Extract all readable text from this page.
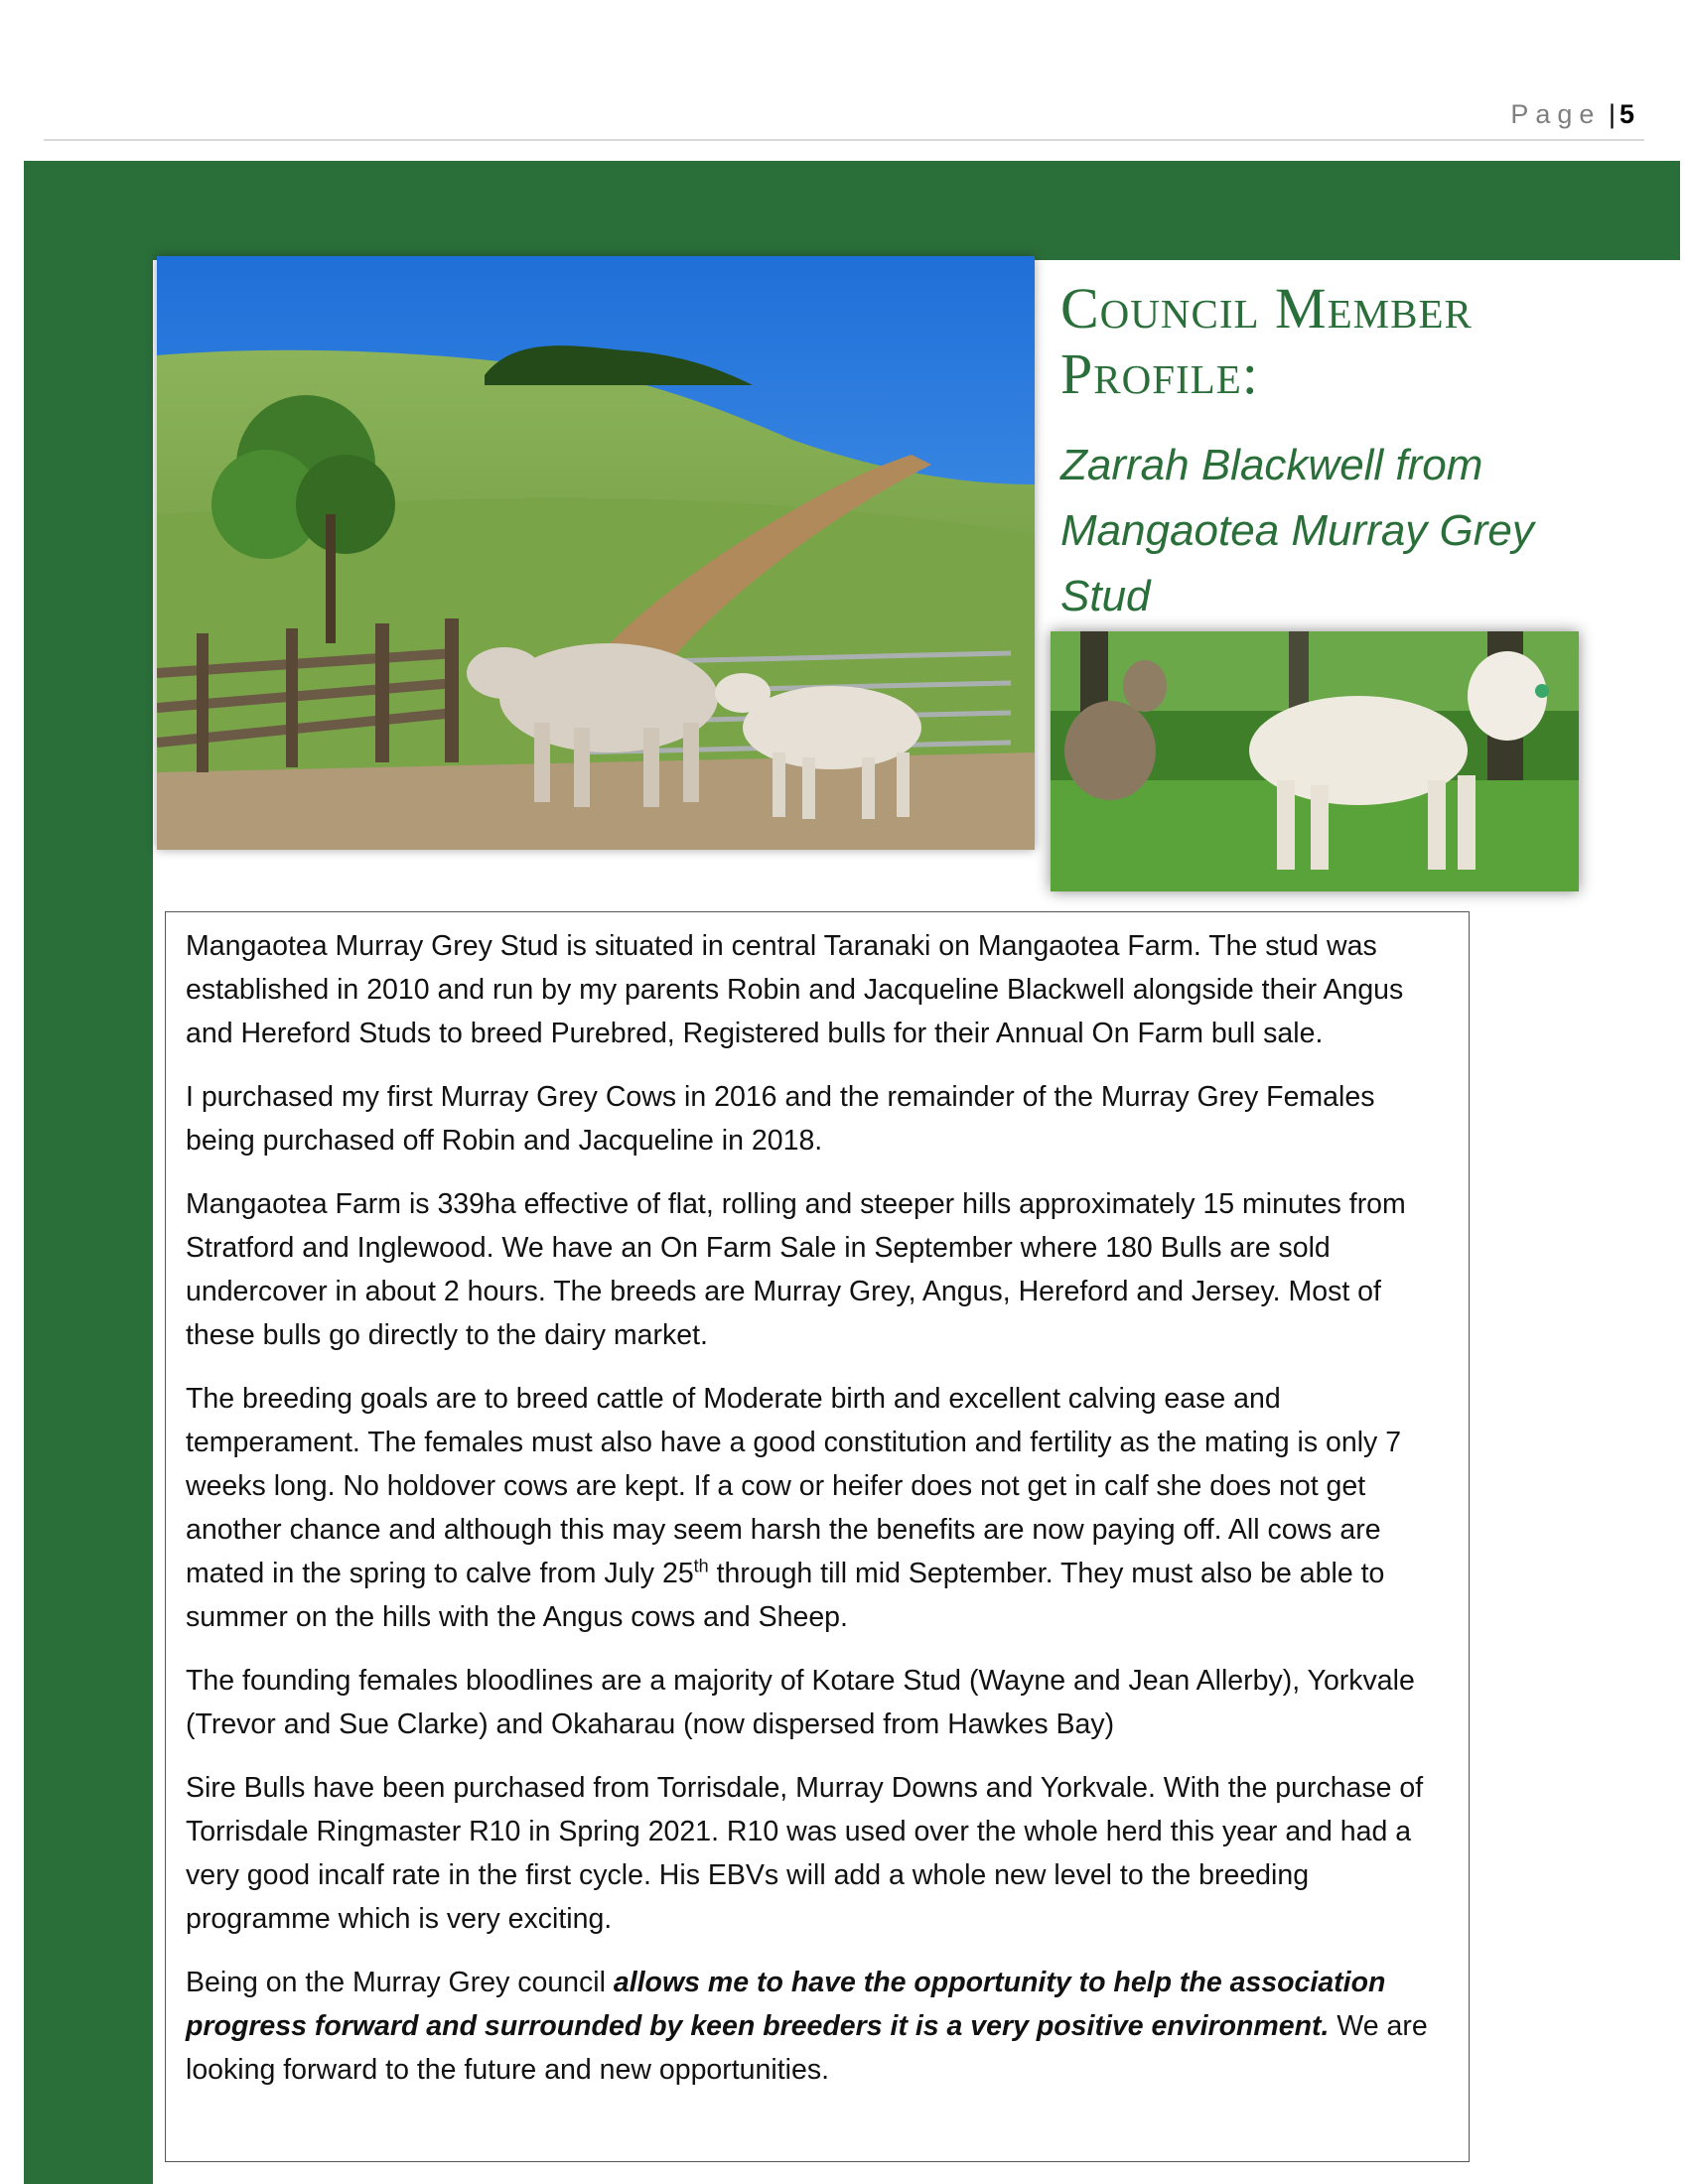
Page | 5
Council Member
Profile:
Zarrah Blackwell from Mangaotea Murray Grey Stud

Mangaotea Murray Grey Stud is situated in central Taranaki on Mangaotea Farm. The stud was established in 2010 and run by my parents Robin and Jacqueline Blackwell alongside their Angus and Hereford Studs to breed Purebred, Registered bulls for their Annual On Farm bull sale.

I purchased my first Murray Grey Cows in 2016 and the remainder of the Murray Grey Females being purchased off Robin and Jacqueline in 2018.

Mangaotea Farm is 339ha effective of flat, rolling and steeper hills approximately 15 minutes from Stratford and Inglewood. We have an On Farm Sale in September where 180 Bulls are sold undercover in about 2 hours. The breeds are Murray Grey, Angus, Hereford and Jersey. Most of these bulls go directly to the dairy market.

The breeding goals are to breed cattle of Moderate birth and excellent calving ease and temperament. The females must also have a good constitution and fertility as the mating is only 7 weeks long. No holdover cows are kept. If a cow or heifer does not get in calf she does not get another chance and although this may seem harsh the benefits are now paying off. All cows are mated in the spring to calve from July 25th through till mid September. They must also be able to summer on the hills with the Angus cows and Sheep.

The founding females bloodlines are a majority of Kotare Stud (Wayne and Jean Allerby), Yorkvale (Trevor and Sue Clarke) and Okaharau (now dispersed from Hawkes Bay)

Sire Bulls have been purchased from Torrisdale, Murray Downs and Yorkvale. With the purchase of Torrisdale Ringmaster R10 in Spring 2021. R10 was used over the whole herd this year and had a very good incalf rate in the first cycle. His EBVs will add a whole new level to the breeding programme which is very exciting.

Being on the Murray Grey council allows me to have the opportunity to help the association progress forward and surrounded by keen breeders it is a very positive environment. We are looking forward to the future and new opportunities.
